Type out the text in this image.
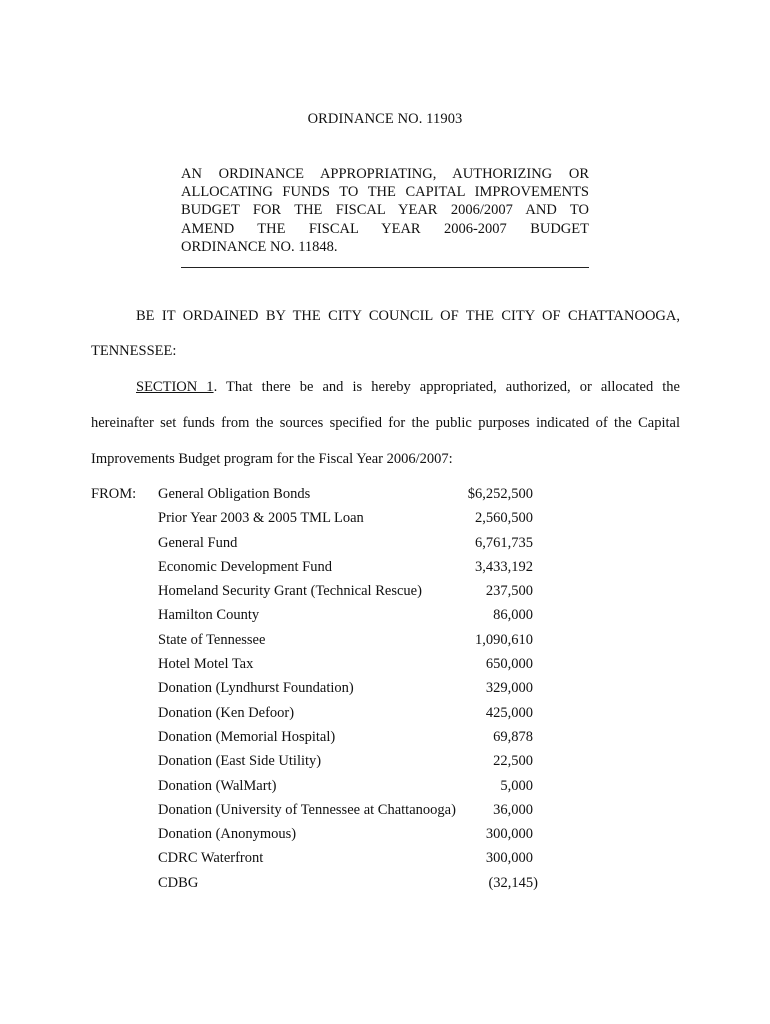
ORDINANCE NO. 11903
AN ORDINANCE APPROPRIATING, AUTHORIZING OR
ALLOCATING FUNDS TO THE CAPITAL IMPROVEMENTS
BUDGET FOR THE FISCAL YEAR 2006/2007 AND TO
AMEND THE FISCAL YEAR 2006-2007 BUDGET
ORDINANCE NO. 11848.
BE IT ORDAINED BY THE CITY COUNCIL OF THE CITY OF CHATTANOOGA,
TENNESSEE:
SECTION 1. That there be and is hereby appropriated, authorized, or allocated the
hereinafter set funds from the sources specified for the public purposes indicated of the Capital
Improvements Budget program for the Fiscal Year 2006/2007:
FROM: General Obligation Bonds	$6,252,500
Prior Year 2003 & 2005 TML Loan	2,560,500
General Fund	6,761,735
Economic Development Fund	3,433,192
Homeland Security Grant (Technical Rescue)	237,500
Hamilton County	86,000
State of Tennessee	1,090,610
Hotel Motel Tax	650,000
Donation (Lyndhurst Foundation)	329,000
Donation (Ken Defoor)	425,000
Donation (Memorial Hospital)	69,878
Donation (East Side Utility)	22,500
Donation (WalMart)	5,000
Donation (University of Tennessee at Chattanooga)	36,000
Donation (Anonymous)	300,000
CDRC Waterfront	300,000
CDBG	(32,145)
